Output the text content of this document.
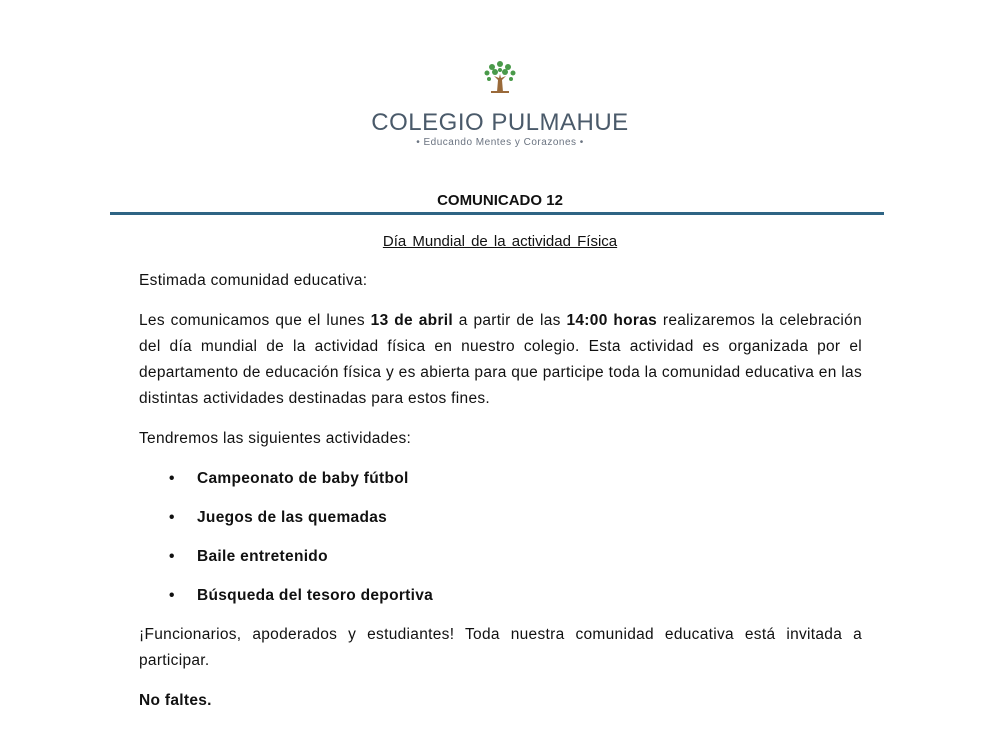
COLEGIO PULMAHUE
• Educando Mentes y Corazones •
COMUNICADO 12
Día Mundial de la actividad Física

Estimada comunidad educativa:

Les comunicamos que el lunes 13 de abril a partir de las 14:00 horas realizaremos la celebración del día mundial de la actividad física en nuestro colegio. Esta actividad es organizada por el departamento de educación física y es abierta para que participe toda la comunidad educativa en las distintas actividades destinadas para estos fines.

Tendremos las siguientes actividades:

• Campeonato de baby fútbol
• Juegos de las quemadas
• Baile entretenido
• Búsqueda del tesoro deportiva

¡Funcionarios, apoderados y estudiantes! Toda nuestra comunidad educativa está invitada a participar.

No faltes.
